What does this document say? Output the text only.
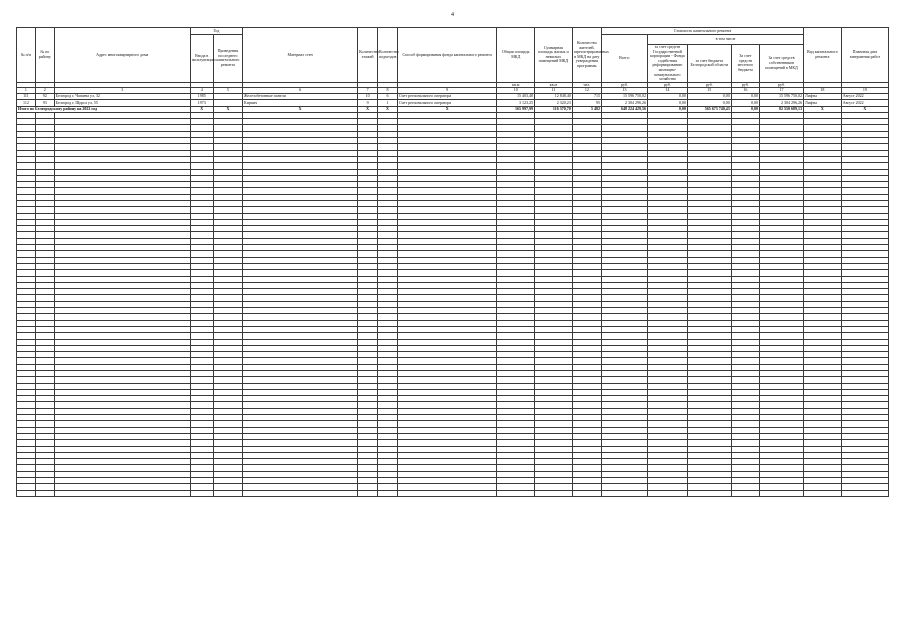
4
№ п/п	№ по району	Адрес многоквартирного дома	Год		Материал стен	Количество этажей	Количество подъездов	Способ формирования фонда капитального ремонта	Общая площадь МКД	Суммарная площадь жилых и нежилых помещений МКД	Количество жителей, зарегистрированных в МКД на дату утверждения программы	Стоимость капитального ремонта					Вид капитального ремонта	Плановая дата завершения работ
			Ввода в эксплуатацию	Проведения последнего капитального ремонта								Всего:	в том числе					
													за счет средств Государственной корпорации - Фонда содействия реформированию жилищно-коммунального хозяйства	за счет бюджета Белгородской области	За счет средств местного бюджета	За счет средств собственников помещений в МКД		
									кв.м	кв.м	чел.	руб.	руб.	руб.	руб.	руб.		
1	2	3	4	5	6	7	8	9	10	11	12	13	14	15	16	17	18	19
111	92	Белгород г, Чапаева ул, 32	1985		Железобетонные панели	10	6	Счет регионального оператора	15 403,48	12 848,40	715	15 596 750,02	0,00	0,00	0,00	15 596 750,02	Лифты	Август 2022
112	93	Белгород г, Щорса ул, 55	1973		Кирпич	9	1	Счет регионального оператора	3 123,25	2 320,23	95	2 304 296,26	0,00	0,00	0,00	2 304 296,26	Лифты	Август 2022
Итого по Белгородскому району на 2022 год			X	X	X	X	X	X	165 997,99	116 370,70	5 482	648 224 429,56	0,00	565 673 740,43	0,00	82 550 689,13	X	X
